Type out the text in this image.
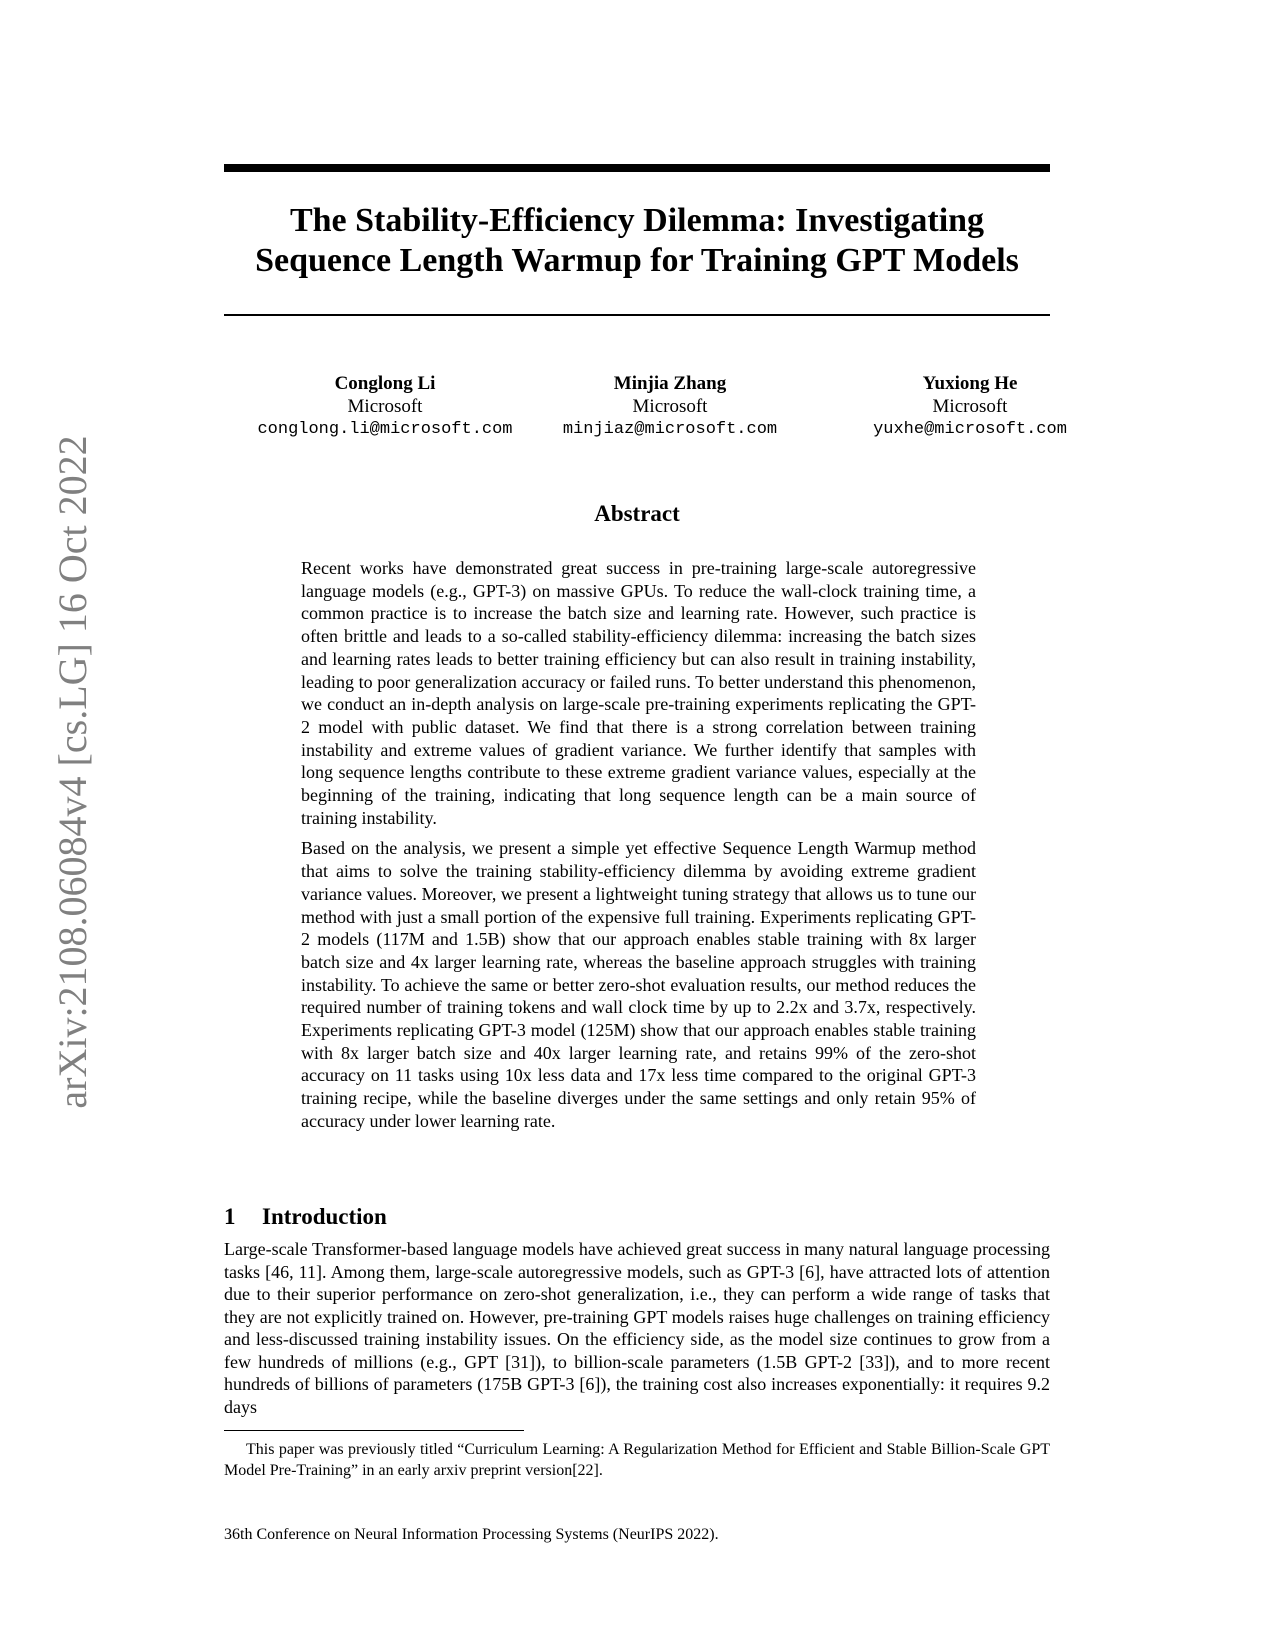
arXiv:2108.06084v4 [cs.LG] 16 Oct 2022
The Stability-Efficiency Dilemma: Investigating Sequence Length Warmup for Training GPT Models
Conglong Li
Microsoft
conglong.li@microsoft.com
Minjia Zhang
Microsoft
minjiaz@microsoft.com
Yuxiong He
Microsoft
yuxhe@microsoft.com
Abstract

Recent works have demonstrated great success in pre-training large-scale autoregressive language models (e.g., GPT-3) on massive GPUs. To reduce the wall-clock training time, a common practice is to increase the batch size and learning rate. However, such practice is often brittle and leads to a so-called stability-efficiency dilemma: increasing the batch sizes and learning rates leads to better training efficiency but can also result in training instability, leading to poor generalization accuracy or failed runs. To better understand this phenomenon, we conduct an in-depth analysis on large-scale pre-training experiments replicating the GPT-2 model with public dataset. We find that there is a strong correlation between training instability and extreme values of gradient variance. We further identify that samples with long sequence lengths contribute to these extreme gradient variance values, especially at the beginning of the training, indicating that long sequence length can be a main source of training instability.

Based on the analysis, we present a simple yet effective Sequence Length Warmup method that aims to solve the training stability-efficiency dilemma by avoiding extreme gradient variance values. Moreover, we present a lightweight tuning strategy that allows us to tune our method with just a small portion of the expensive full training. Experiments replicating GPT-2 models (117M and 1.5B) show that our approach enables stable training with 8x larger batch size and 4x larger learning rate, whereas the baseline approach struggles with training instability. To achieve the same or better zero-shot evaluation results, our method reduces the required number of training tokens and wall clock time by up to 2.2x and 3.7x, respectively. Experiments replicating GPT-3 model (125M) show that our approach enables stable training with 8x larger batch size and 40x larger learning rate, and retains 99% of the zero-shot accuracy on 11 tasks using 10x less data and 17x less time compared to the original GPT-3 training recipe, while the baseline diverges under the same settings and only retain 95% of accuracy under lower learning rate.

1 Introduction

Large-scale Transformer-based language models have achieved great success in many natural language processing tasks [46, 11]. Among them, large-scale autoregressive models, such as GPT-3 [6], have attracted lots of attention due to their superior performance on zero-shot generalization, i.e., they can perform a wide range of tasks that they are not explicitly trained on. However, pre-training GPT models raises huge challenges on training efficiency and less-discussed training instability issues. On the efficiency side, as the model size continues to grow from a few hundreds of millions (e.g., GPT [31]), to billion-scale parameters (1.5B GPT-2 [33]), and to more recent hundreds of billions of parameters (175B GPT-3 [6]), the training cost also increases exponentially: it requires 9.2 days

This paper was previously titled “Curriculum Learning: A Regularization Method for Efficient and Stable Billion-Scale GPT Model Pre-Training” in an early arxiv preprint version[22].

36th Conference on Neural Information Processing Systems (NeurIPS 2022).
